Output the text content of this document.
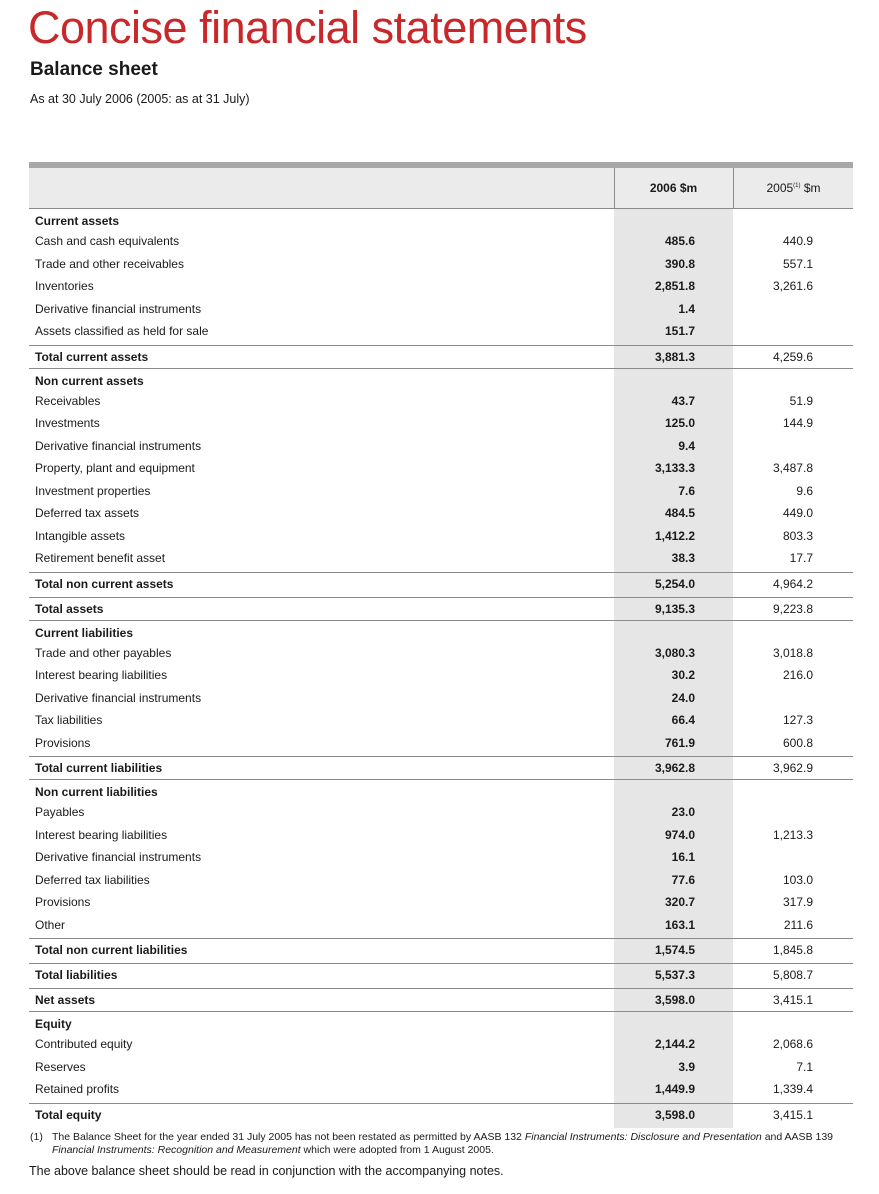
Concise financial statements
Balance sheet

As at 30 July 2006 (2005: as at 31 July)

2006 $m	2005$^{(1)}$ $m
Current assets
Cash and cash equivalents	485.6	440.9
Trade and other receivables	390.8	557.1
Inventories	2,851.8	3,261.6
Derivative financial instruments	1.4
Assets classified as held for sale	151.7
Total current assets	3,881.3	4,259.6
Non current assets
Receivables	43.7	51.9
Investments	125.0	144.9
Derivative financial instruments	9.4
Property, plant and equipment	3,133.3	3,487.8
Investment properties	7.6	9.6
Deferred tax assets	484.5	449.0
Intangible assets	1,412.2	803.3
Retirement benefit asset	38.3	17.7
Total non current assets	5,254.0	4,964.2
Total assets	9,135.3	9,223.8
Current liabilities
Trade and other payables	3,080.3	3,018.8
Interest bearing liabilities	30.2	216.0
Derivative financial instruments	24.0
Tax liabilities	66.4	127.3
Provisions	761.9	600.8
Total current liabilities	3,962.8	3,962.9
Non current liabilities
Payables	23.0
Interest bearing liabilities	974.0	1,213.3
Derivative financial instruments	16.1
Deferred tax liabilities	77.6	103.0
Provisions	320.7	317.9
Other	163.1	211.6
Total non current liabilities	1,574.5	1,845.8
Total liabilities	5,537.3	5,808.7
Net assets	3,598.0	3,415.1
Equity
Contributed equity	2,144.2	2,068.6
Reserves	3.9	7.1
Retained profits	1,449.9	1,339.4
Total equity	3,598.0	3,415.1
(1) The Balance Sheet for the year ended 31 July 2005 has not been restated as permitted by AASB 132 Financial Instruments: Disclosure and Presentation and AASB 139 Financial Instruments: Recognition and Measurement which were adopted from 1 August 2005.

The above balance sheet should be read in conjunction with the accompanying notes.
